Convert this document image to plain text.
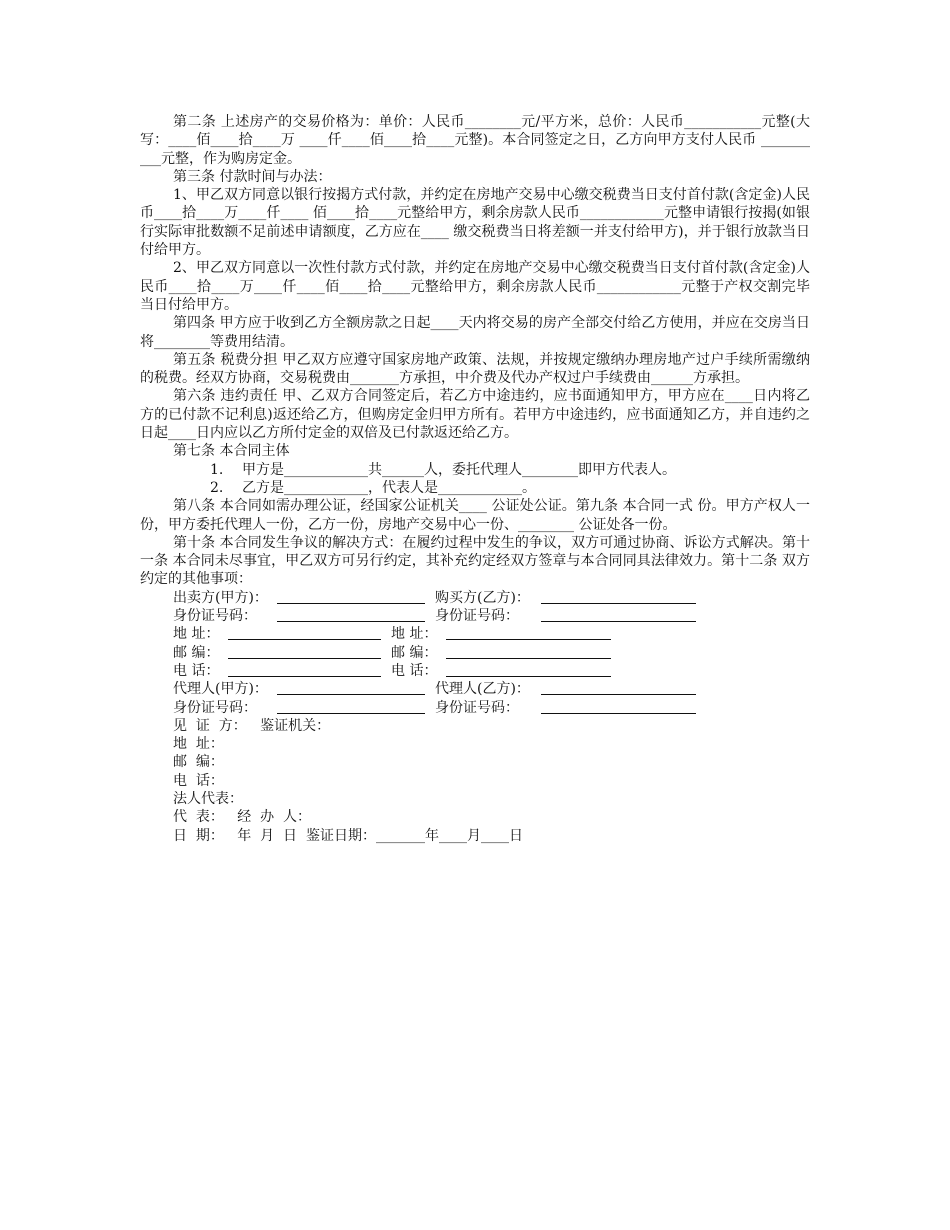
第二条 上述房产的交易价格为：单价：人民币________元/平方米，总价：人民币___________元整(大写：____佰____拾____万 ____仟____佰____拾____元整)。本合同签定之日，乙方向甲方支付人民币 __________元整，作为购房定金。

第三条 付款时间与办法：

1、甲乙双方同意以银行按揭方式付款，并约定在房地产交易中心缴交税费当日支付首付款(含定金)人民币____拾____万____仟____ 佰____拾____元整给甲方，剩余房款人民币____________元整申请银行按揭(如银行实际审批数额不足前述申请额度，乙方应在____ 缴交税费当日将差额一并支付给甲方)，并于银行放款当日付给甲方。

2、甲乙双方同意以一次性付款方式付款，并约定在房地产交易中心缴交税费当日支付首付款(含定金)人民币____拾____万____仟____佰____拾____元整给甲方，剩余房款人民币____________元整于产权交割完毕当日付给甲方。

第四条 甲方应于收到乙方全额房款之日起____天内将交易的房产全部交付给乙方使用，并应在交房当日将________等费用结清。

第五条 税费分担 甲乙双方应遵守国家房地产政策、法规，并按规定缴纳办理房地产过户手续所需缴纳的税费。经双方协商，交易税费由_______方承担，中介费及代办产权过户手续费由______方承担。

第六条 违约责任 甲、乙双方合同签定后，若乙方中途违约，应书面通知甲方，甲方应在____日内将乙方的已付款不记利息)返还给乙方，但购房定金归甲方所有。若甲方中途违约，应书面通知乙方，并自违约之日起____日内应以乙方所付定金的双倍及已付款返还给乙方。

第七条 本合同主体

1. 甲方是____________共______人，委托代理人________即甲方代表人。

2. 乙方是____________，代表人是____________。

第八条 本合同如需办理公证，经国家公证机关____ 公证处公证。第九条 本合同一式 份。甲方产权人一份，甲方委托代理人一份，乙方一份，房地产交易中心一份、________ 公证处各一份。

第十条 本合同发生争议的解决方式：在履约过程中发生的争议，双方可通过协商、诉讼方式解决。第十一条 本合同未尽事宜，甲乙双方可另行约定，其补充约定经双方签章与本合同同具法律效力。第十二条 双方约定的其他事项：

出卖方(甲方)：	购买方(乙方)：
身份证号码：	身份证号码：
地 址：	地 址：
邮 编：	邮 编：
电 话：	电 话：
代理人(甲方)：	代理人(乙方)：
身份证号码：	身份证号码：

见  证  方：   鉴证机关：

地  址：

邮  编：

电  话：

法人代表：

代  表：   经  办  人：

日  期：   年  月  日  鉴证日期：_______年____月____日
